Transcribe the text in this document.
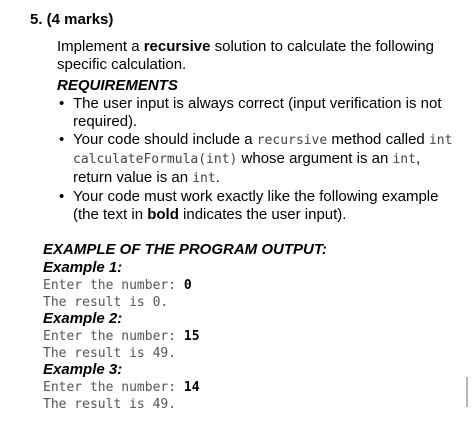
5. (4 marks)
Implement a recursive solution to calculate the following specific calculation.
REQUIREMENTS
• The user input is always correct (input verification is not required).
• Your code should include a recursive method called int calculateFormula(int) whose argument is an int, return value is an int.
• Your code must work exactly like the following example (the text in bold indicates the user input).
EXAMPLE OF THE PROGRAM OUTPUT:
Example 1:
Enter the number: 0
The result is 0.
Example 2:
Enter the number: 15
The result is 49.
Example 3:
Enter the number: 14
The result is 49.
